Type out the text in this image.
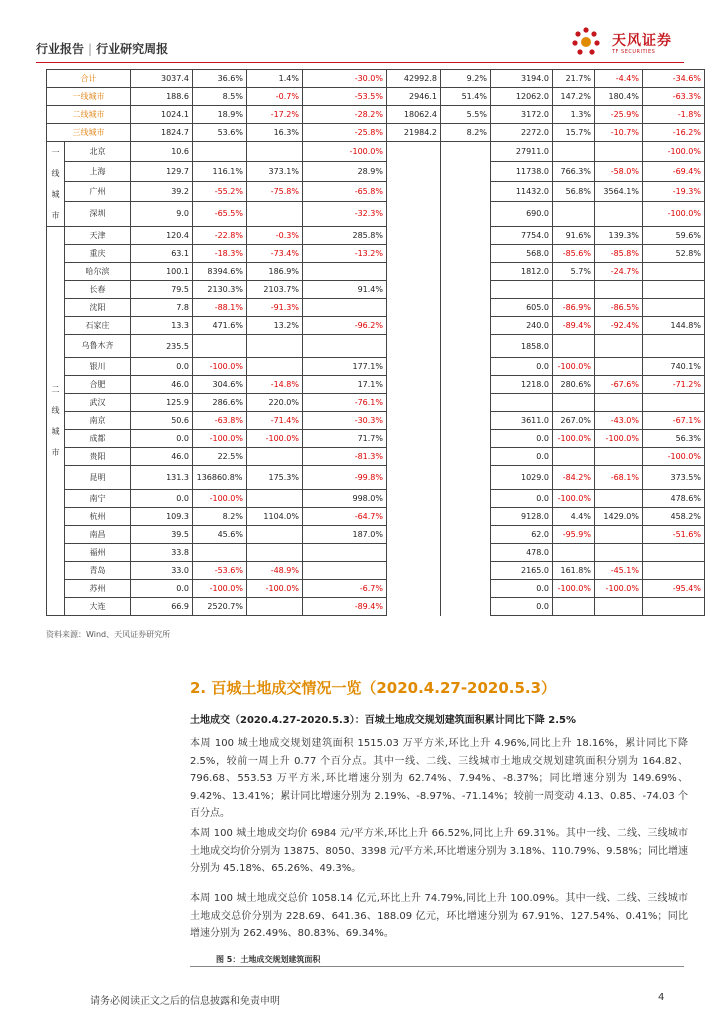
行业报告 | 行业研究周报	天风证券
TF SECURITIES
合计		3037.4	36.6%	1.4%	-30.0%	42992.8	9.2%	3194.0	21.7%	-4.4%	-34.6%
一线城市		188.6	8.5%	-0.7%	-53.5%	2946.1	51.4%	12062.0	147.2%	180.4%	-63.3%
二线城市		1024.1	18.9%	-17.2%	-28.2%	18062.4	5.5%	3172.0	1.3%	-25.9%	-1.8%
三线城市		1824.7	53.6%	16.3%	-25.8%	21984.2	8.2%	2272.0	15.7%	-10.7%	-16.2%
一线城市	北京	10.6			-100.0%			27911.0			-100.0%
	上海	129.7	116.1%	373.1%	28.9%			11738.0	766.3%	-58.0%	-69.4%
	广州	39.2	-55.2%	-75.8%	-65.8%			11432.0	56.8%	3564.1%	-19.3%
	深圳	9.0	-65.5%		-32.3%			690.0			-100.0%
二线城市	天津	120.4	-22.8%	-0.3%	285.8%			7754.0	91.6%	139.3%	59.6%
	重庆	63.1	-18.3%	-73.4%	-13.2%			568.0	-85.6%	-85.8%	52.8%
	哈尔滨	100.1	8394.6%	186.9%				1812.0	5.7%	-24.7%	
	长春	79.5	2130.3%	2103.7%	91.4%						
	沈阳	7.8	-88.1%	-91.3%				605.0	-86.9%	-86.5%	
	石家庄	13.3	471.6%	13.2%	-96.2%			240.0	-89.4%	-92.4%	144.8%
	乌鲁木齐	235.5						1858.0			
	银川	0.0	-100.0%		177.1%			0.0	-100.0%		740.1%
	合肥	46.0	304.6%	-14.8%	17.1%			1218.0	280.6%	-67.6%	-71.2%
	武汉	125.9	286.6%	220.0%	-76.1%						
	南京	50.6	-63.8%	-71.4%	-30.3%			3611.0	267.0%	-43.0%	-67.1%
	成都	0.0	-100.0%	-100.0%	71.7%			0.0	-100.0%	-100.0%	56.3%
	贵阳	46.0	22.5%		-81.3%			0.0			-100.0%
	昆明	131.3	136860.8%	175.3%	-99.8%			1029.0	-84.2%	-68.1%	373.5%
	南宁	0.0	-100.0%		998.0%			0.0	-100.0%		478.6%
	杭州	109.3	8.2%	1104.0%	-64.7%			9128.0	4.4%	1429.0%	458.2%
	南昌	39.5	45.6%		187.0%			62.0	-95.9%		-51.6%
	福州	33.8						478.0			
	青岛	33.0	-53.6%	-48.9%				2165.0	161.8%	-45.1%	
	苏州	0.0	-100.0%	-100.0%	-6.7%			0.0	-100.0%	-100.0%	-95.4%
	大连	66.9	2520.7%		-89.4%			0.0			
资料来源：Wind、天风证券研究所
2. 百城土地成交情况一览（2020.4.27-2020.5.3）
土地成交（2020.4.27-2020.5.3）：百城土地成交规划建筑面积累计同比下降 2.5%

本周 100 城土地成交规划建筑面积 1515.03 万平方米,环比上升 4.96%,同比上升 18.16%，累计同比下降 2.5%，较前一周上升 0.77 个百分点。其中一线、二线、三线城市土地成交规划建筑面积分别为 164.82、796.68、553.53 万平方米,环比增速分别为 62.74%、7.94%、-8.37%；同比增速分别为 149.69%、9.42%、13.41%；累计同比增速分别为 2.19%、-8.97%、-71.14%；较前一周变动 4.13、0.85、-74.03 个百分点。

本周 100 城土地成交均价 6984 元/平方米,环比上升 66.52%,同比上升 69.31%。其中一线、二线、三线城市土地成交均价分别为 13875、8050、3398 元/平方米,环比增速分别为 3.18%、110.79%、9.58%；同比增速分别为 45.18%、65.26%、49.3%。

本周 100 城土地成交总价 1058.14 亿元,环比上升 74.79%,同比上升 100.09%。其中一线、二线、三线城市土地成交总价分别为 228.69、641.36、188.09 亿元，环比增速分别为 67.91%、127.54%、0.41%；同比增速分别为 262.49%、80.83%、69.34%。

图 5：土地成交规划建筑面积
请务必阅读正文之后的信息披露和免责申明	4
